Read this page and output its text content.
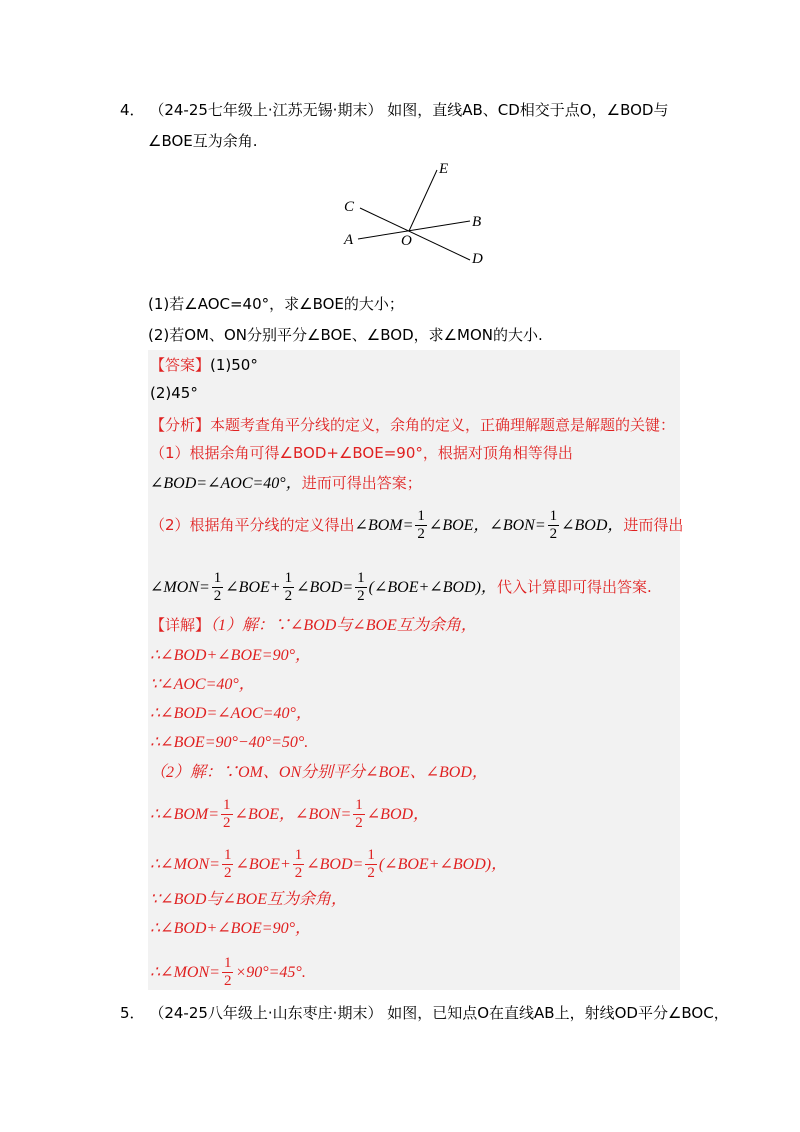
4． （24-25七年级上·江苏无锡·期末） 如图，直线AB、CD相交于点O，∠BOD与
∠BOE互为余角.
E
C
B
A	O
D
(1)若∠AOC=40°，求∠BOE的大小；
(2)若OM、ON分别平分∠BOE、∠BOD，求∠MON的大小.
【答案】(1)50°
(2)45°
【分析】本题考查角平分线的定义，余角的定义，正确理解题意是解题的关键：
（1）根据余角可得∠BOD+∠BOE=90°，根据对顶角相等得出
∠BOD=∠AOC=40°，进而可得出答案；
（2）根据角平分线的定义得出∠BOM= $\frac{1}{2}$ ∠BOE，∠BON= $\frac{1}{2}$ ∠BOD，进而得出
∠MON= $\frac{1}{2}$ ∠BOE+ $\frac{1}{2}$ ∠BOD= $\frac{1}{2}$ (∠BOE+∠BOD)，代入计算即可得出答案.
【详解】（1）解：∵∠BOD与∠BOE互为余角，
∴∠BOD+∠BOE=90°，
∵∠AOC=40°，
∴∠BOD=∠AOC=40°，
∴∠BOE=90°−40°=50°.
（2）解：∵OM、ON分别平分∠BOE、∠BOD，
∴∠BOM= $\frac{1}{2}$ ∠BOE，∠BON= $\frac{1}{2}$ ∠BOD，
∴∠MON= $\frac{1}{2}$ ∠BOE+ $\frac{1}{2}$ ∠BOD= $\frac{1}{2}$ (∠BOE+∠BOD)，
∵∠BOD与∠BOE互为余角，
∴∠BOD+∠BOE=90°，
∴∠MON= $\frac{1}{2} \times 90^\circ=45^\circ$.
5． （24-25八年级上·山东枣庄·期末） 如图，已知点O在直线AB上，射线OD平分∠BOC，
